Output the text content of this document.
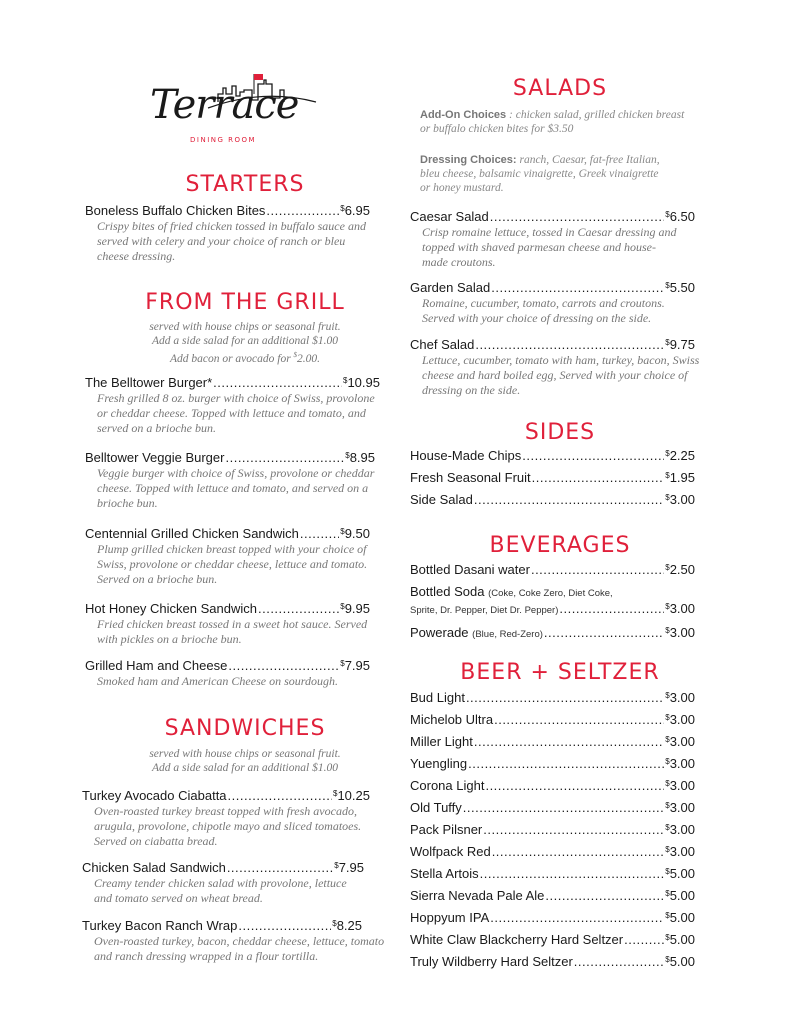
Terrace
DINING ROOM
STARTERS
Boneless Buffalo Chicken Bites .....	$6.95
Crispy bites of fried chicken tossed in buffalo sauce and served with celery and your choice of ranch or bleu cheese dressing.
FROM THE GRILL
served with house chips or seasonal fruit.
Add a side salad for an additional $1.00
Add bacon or avocado for $2.00.
The Belltower Burger* .....	$10.95
Fresh grilled 8 oz. burger with choice of Swiss, provolone or cheddar cheese. Topped with lettuce and tomato, and served on a brioche bun.
Belltower Veggie Burger .....	$8.95
Veggie burger with choice of Swiss, provolone or cheddar cheese. Topped with lettuce and tomato, and served on a brioche bun.
Centennial Grilled Chicken Sandwich .....	$9.50
Plump grilled chicken breast topped with your choice of Swiss, provolone or cheddar cheese, lettuce and tomato. Served on a brioche bun.
Hot Honey Chicken Sandwich .....	$9.95
Fried chicken breast tossed in a sweet hot sauce. Served with pickles on a brioche bun.
Grilled Ham and Cheese .....	$7.95
Smoked ham and American Cheese on sourdough.
SANDWICHES
served with house chips or seasonal fruit.
Add a side salad for an additional $1.00
Turkey Avocado Ciabatta .....	$10.25
Oven-roasted turkey breast topped with fresh avocado, arugula, provolone, chipotle mayo and sliced tomatoes. Served on ciabatta bread.
Chicken Salad Sandwich .....	$7.95
Creamy tender chicken salad with provolone, lettuce and tomato served on wheat bread.
Turkey Bacon Ranch Wrap .....	$8.25
Oven-roasted turkey, bacon, cheddar cheese, lettuce, tomato and ranch dressing wrapped in a flour tortilla.
SALADS
Add-On Choices : chicken salad, grilled chicken breast or buffalo chicken bites for $3.50
Dressing Choices: ranch, Caesar, fat-free Italian, bleu cheese, balsamic vinaigrette, Greek vinaigrette or honey mustard.
Caesar Salad .....	$6.50
Crisp romaine lettuce, tossed in Caesar dressing and topped with shaved parmesan cheese and house-made croutons.
Garden Salad .....	$5.50
Romaine, cucumber, tomato, carrots and croutons. Served with your choice of dressing on the side.
Chef Salad .....	$9.75
Lettuce, cucumber, tomato with ham, turkey, bacon, Swiss cheese and hard boiled egg, Served with your choice of dressing on the side.
SIDES
House-Made Chips .....	$2.25
Fresh Seasonal Fruit .....	$1.95
Side Salad .....	$3.00
BEVERAGES
Bottled Dasani water .....	$2.50
Bottled Soda (Coke, Coke Zero, Diet Coke,
Sprite, Dr. Pepper, Diet Dr. Pepper) .....	$3.00
Powerade (Blue, Red-Zero) .....	$3.00
BEER + SELTZER
Bud Light .....	$3.00
Michelob Ultra .....	$3.00
Miller Light .....	$3.00
Yuengling .....	$3.00
Corona Light .....	$3.00
Old Tuffy .....	$3.00
Pack Pilsner .....	$3.00
Wolfpack Red .....	$3.00
Stella Artois .....	$5.00
Sierra Nevada Pale Ale .....	$5.00
Hoppyum IPA .....	$5.00
White Claw Blackcherry Hard Seltzer .....	$5.00
Truly Wildberry Hard Seltzer .....	$5.00
